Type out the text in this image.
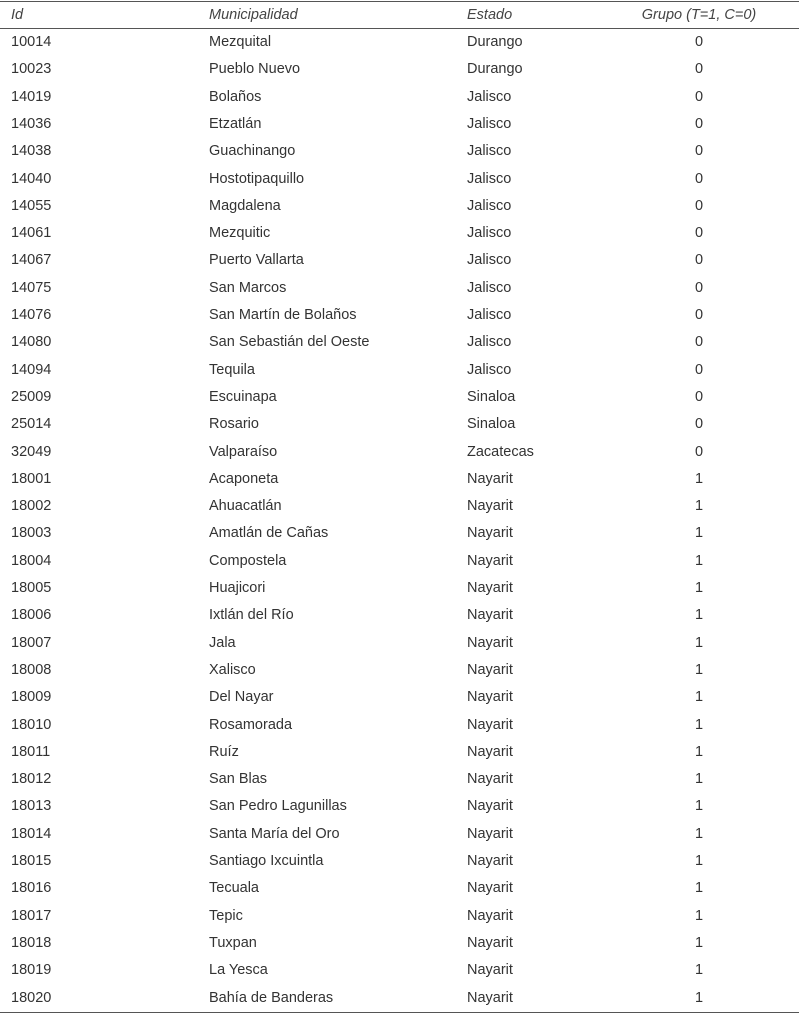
Id	Municipalidad	Estado	Grupo (T=1, C=0)
10014	Mezquital	Durango	0
10023	Pueblo Nuevo	Durango	0
14019	Bolaños	Jalisco	0
14036	Etzatlán	Jalisco	0
14038	Guachinango	Jalisco	0
14040	Hostotipaquillo	Jalisco	0
14055	Magdalena	Jalisco	0
14061	Mezquitic	Jalisco	0
14067	Puerto Vallarta	Jalisco	0
14075	San Marcos	Jalisco	0
14076	San Martín de Bolaños	Jalisco	0
14080	San Sebastián del Oeste	Jalisco	0
14094	Tequila	Jalisco	0
25009	Escuinapa	Sinaloa	0
25014	Rosario	Sinaloa	0
32049	Valparaíso	Zacatecas	0
18001	Acaponeta	Nayarit	1
18002	Ahuacatlán	Nayarit	1
18003	Amatlán de Cañas	Nayarit	1
18004	Compostela	Nayarit	1
18005	Huajicori	Nayarit	1
18006	Ixtlán del Río	Nayarit	1
18007	Jala	Nayarit	1
18008	Xalisco	Nayarit	1
18009	Del Nayar	Nayarit	1
18010	Rosamorada	Nayarit	1
18011	Ruíz	Nayarit	1
18012	San Blas	Nayarit	1
18013	San Pedro Lagunillas	Nayarit	1
18014	Santa María del Oro	Nayarit	1
18015	Santiago Ixcuintla	Nayarit	1
18016	Tecuala	Nayarit	1
18017	Tepic	Nayarit	1
18018	Tuxpan	Nayarit	1
18019	La Yesca	Nayarit	1
18020	Bahía de Banderas	Nayarit	1
